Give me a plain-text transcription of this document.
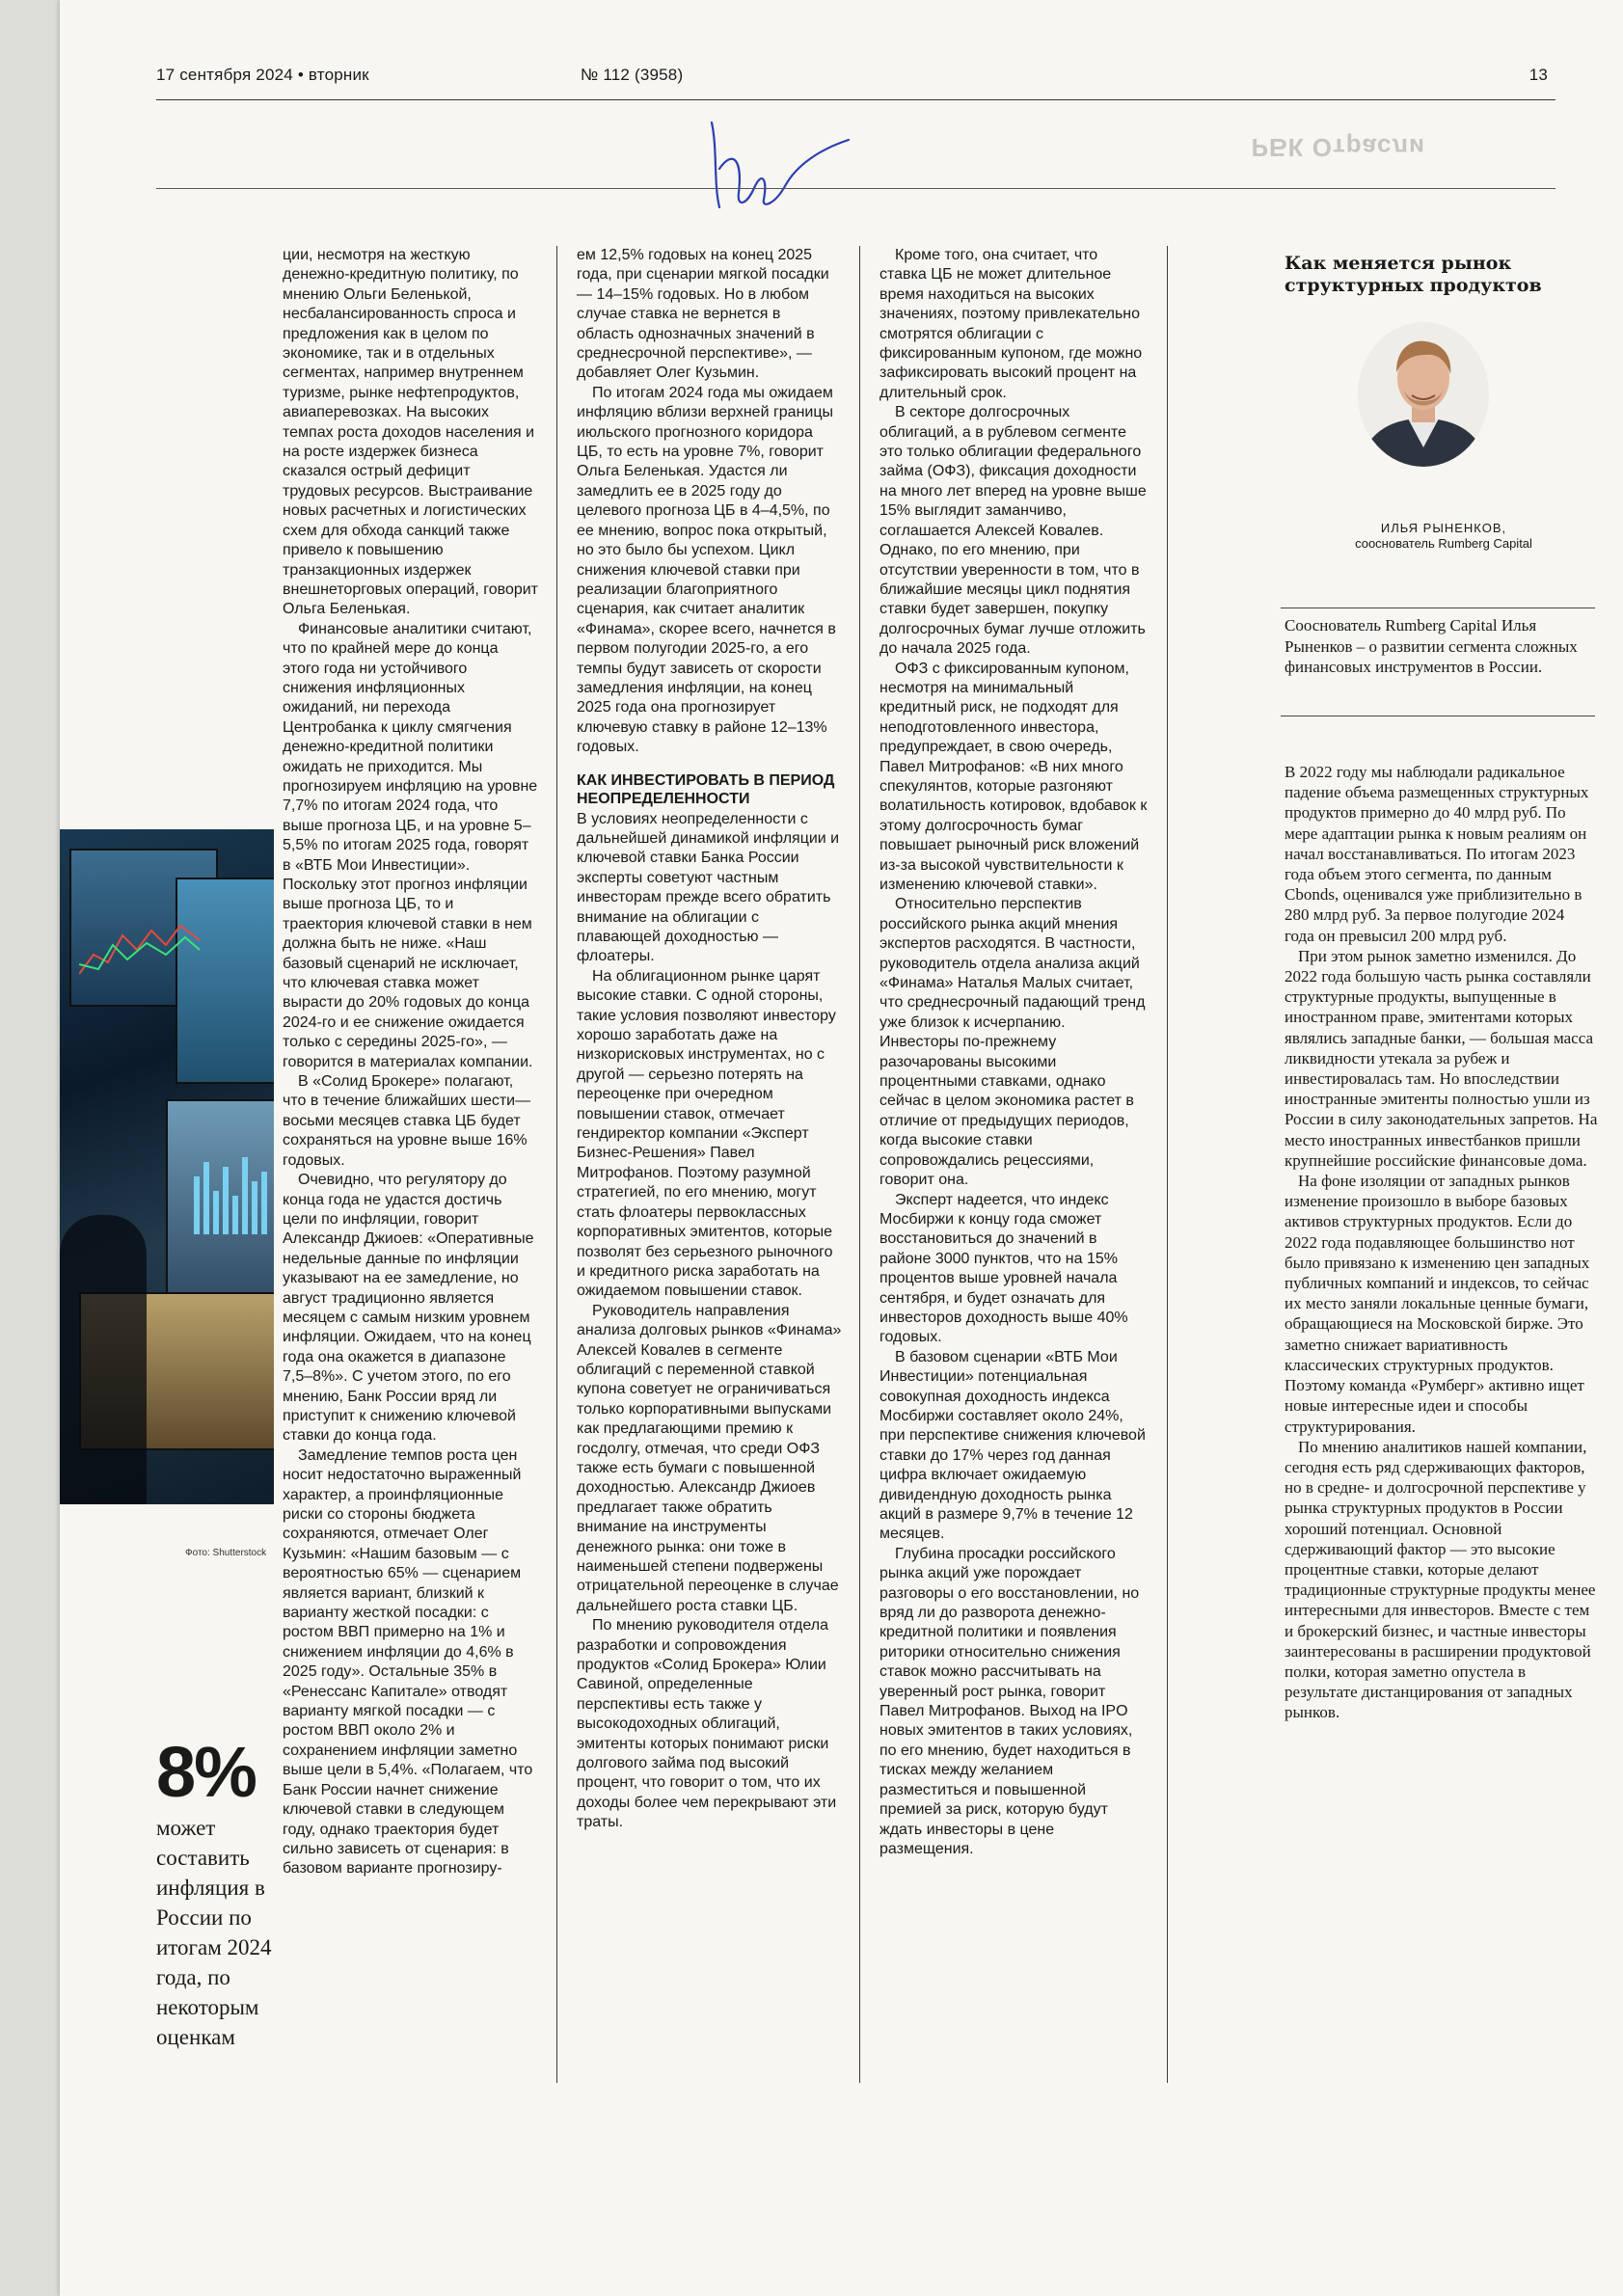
17 сентября 2024 • вторник	№ 112 (3958)	13
РБК Отрасли
Фото: Shutterstock
8%
может составить инфляция в России по итогам 2024 года, по некоторым оценкам

ции, несмотря на жесткую денежно-кредитную политику, по мнению Ольги Беленькой, несбалансированность спроса и предложения как в целом по экономике, так и в отдельных сегментах, например внутреннем туризме, рынке нефтепродуктов, авиаперевозках. На высоких темпах роста доходов населения и на росте издержек бизнеса сказался острый дефицит трудовых ресурсов. Выстраивание новых расчетных и логистических схем для обхода санкций также привело к повышению транзакционных издержек внешнеторговых операций, говорит Ольга Беленькая.

Финансовые аналитики считают, что по крайней мере до конца этого года ни устойчивого снижения инфляционных ожиданий, ни перехода Центробанка к циклу смягчения денежно-кредитной политики ожидать не приходится. Мы прогнозируем инфляцию на уровне 7,7% по итогам 2024 года, что выше прогноза ЦБ, и на уровне 5–5,5% по итогам 2025 года, говорят в «ВТБ Мои Инвестиции». Поскольку этот прогноз инфляции выше прогноза ЦБ, то и траектория ключевой ставки в нем должна быть не ниже. «Наш базовый сценарий не исключает, что ключевая ставка может вырасти до 20% годовых до конца 2024-го и ее снижение ожидается только с середины 2025-го», — говорится в материалах компании.

В «Солид Брокере» полагают, что в течение ближайших шести—восьми месяцев ставка ЦБ будет сохраняться на уровне выше 16% годовых.

Очевидно, что регулятору до конца года не удастся достичь цели по инфляции, говорит Александр Джиоев: «Оперативные недельные данные по инфляции указывают на ее замедление, но август традиционно является месяцем с самым низким уровнем инфляции. Ожидаем, что на конец года она окажется в диапазоне 7,5–8%». С учетом этого, по его мнению, Банк России вряд ли приступит к снижению ключевой ставки до конца года.

Замедление темпов роста цен носит недостаточно выраженный характер, а проинфляционные риски со стороны бюджета сохраняются, отмечает Олег Кузьмин: «Нашим базовым — с вероятностью 65% — сценарием является вариант, близкий к варианту жесткой посадки: с ростом ВВП примерно на 1% и снижением инфляции до 4,6% в 2025 году». Остальные 35% в «Ренессанс Капитале» отводят варианту мягкой посадки — с ростом ВВП около 2% и сохранением инфляции заметно выше цели в 5,4%. «Полагаем, что Банк России начнет снижение ключевой ставки в следующем году, однако траектория будет сильно зависеть от сценария: в базовом варианте прогнозиру-

ем 12,5% годовых на конец 2025 года, при сценарии мягкой посадки — 14–15% годовых. Но в любом случае ставка не вернется в область однозначных значений в среднесрочной перспективе», — добавляет Олег Кузьмин.

По итогам 2024 года мы ожидаем инфляцию вблизи верхней границы июльского прогнозного коридора ЦБ, то есть на уровне 7%, говорит Ольга Беленькая. Удастся ли замедлить ее в 2025 году до целевого прогноза ЦБ в 4–4,5%, по ее мнению, вопрос пока открытый, но это было бы успехом. Цикл снижения ключевой ставки при реализации благоприятного сценария, как считает аналитик «Финама», скорее всего, начнется в первом полугодии 2025-го, а его темпы будут зависеть от скорости замедления инфляции, на конец 2025 года она прогнозирует ключевую ставку в районе 12–13% годовых.

КАК ИНВЕСТИРОВАТЬ В ПЕРИОД НЕОПРЕДЕЛЕННОСТИ

В условиях неопределенности с дальнейшей динамикой инфляции и ключевой ставки Банка России эксперты советуют частным инвесторам прежде всего обратить внимание на облигации с плавающей доходностью — флоатеры.

На облигационном рынке царят высокие ставки. С одной стороны, такие условия позволяют инвестору хорошо заработать даже на низкорисковых инструментах, но с другой — серьезно потерять на переоценке при очередном повышении ставок, отмечает гендиректор компании «Эксперт Бизнес-Решения» Павел Митрофанов. Поэтому разумной стратегией, по его мнению, могут стать флоатеры первоклассных корпоративных эмитентов, которые позволят без серьезного рыночного и кредитного риска заработать на ожидаемом повышении ставок.

Руководитель направления анализа долговых рынков «Финама» Алексей Ковалев в сегменте облигаций с переменной ставкой купона советует не ограничиваться только корпоративными выпусками как предлагающими премию к госдолгу, отмечая, что среди ОФЗ также есть бумаги с повышенной доходностью. Александр Джиоев предлагает также обратить внимание на инструменты денежного рынка: они тоже в наименьшей степени подвержены отрицательной переоценке в случае дальнейшего роста ставки ЦБ.

По мнению руководителя отдела разработки и сопровождения продуктов «Солид Брокера» Юлии Савиной, определенные перспективы есть также у высокодоходных облигаций, эмитенты которых понимают риски долгового займа под высокий процент, что говорит о том, что их доходы более чем перекрывают эти траты.

Кроме того, она считает, что ставка ЦБ не может длительное время находиться на высоких значениях, поэтому привлекательно смотрятся облигации с фиксированным купоном, где можно зафиксировать высокий процент на длительный срок.

В секторе долгосрочных облигаций, а в рублевом сегменте это только облигации федерального займа (ОФЗ), фиксация доходности на много лет вперед на уровне выше 15% выглядит заманчиво, соглашается Алексей Ковалев. Однако, по его мнению, при отсутствии уверенности в том, что в ближайшие месяцы цикл поднятия ставки будет завершен, покупку долгосрочных бумаг лучше отложить до начала 2025 года.

ОФЗ с фиксированным купоном, несмотря на минимальный кредитный риск, не подходят для неподготовленного инвестора, предупреждает, в свою очередь, Павел Митрофанов: «В них много спекулянтов, которые разгоняют волатильность котировок, вдобавок к этому долгосрочность бумаг повышает рыночный риск вложений из-за высокой чувствительности к изменению ключевой ставки».

Относительно перспектив российского рынка акций мнения экспертов расходятся. В частности, руководитель отдела анализа акций «Финама» Наталья Малых считает, что среднесрочный падающий тренд уже близок к исчерпанию. Инвесторы по-прежнему разочарованы высокими процентными ставками, однако сейчас в целом экономика растет в отличие от предыдущих периодов, когда высокие ставки сопровождались рецессиями, говорит она.

Эксперт надеется, что индекс Мосбиржи к концу года сможет восстановиться до значений в районе 3000 пунктов, что на 15% процентов выше уровней начала сентября, и будет означать для инвесторов доходность выше 40% годовых.

В базовом сценарии «ВТБ Мои Инвестиции» потенциальная совокупная доходность индекса Мосбиржи составляет около 24%, при перспективе снижения ключевой ставки до 17% через год данная цифра включает ожидаемую дивидендную доходность рынка акций в размере 9,7% в течение 12 месяцев.

Глубина просадки российского рынка акций уже порождает разговоры о его восстановлении, но вряд ли до разворота денежно-кредитной политики и появления риторики относительно снижения ставок можно рассчитывать на уверенный рост рынка, говорит Павел Митрофанов. Выход на IPO новых эмитентов в таких условиях, по его мнению, будет находиться в тисках между желанием разместиться и повышенной премией за риск, которую будут ждать инвесторы в цене размещения.

Как меняется рынок структурных продуктов
ИЛЬЯ РЫНЕНКОВ,
сооснователь Rumberg Capital
Сооснователь Rumberg Capital Илья Рыненков – о развитии сегмента сложных финансовых инструментов в России.

В 2022 году мы наблюдали радикальное падение объема размещенных структурных продуктов примерно до 40 млрд руб. По мере адаптации рынка к новым реалиям он начал восстанавливаться. По итогам 2023 года объем этого сегмента, по данным Cbonds, оценивался уже приблизительно в 280 млрд руб. За первое полугодие 2024 года он превысил 200 млрд руб.

При этом рынок заметно изменился. До 2022 года большую часть рынка составляли структурные продукты, выпущенные в иностранном праве, эмитентами которых являлись западные банки, — большая масса ликвидности утекала за рубеж и инвестировалась там. Но впоследствии иностранные эмитенты полностью ушли из России в силу законодательных запретов. На место иностранных инвестбанков пришли крупнейшие российские финансовые дома.

На фоне изоляции от западных рынков изменение произошло в выборе базовых активов структурных продуктов. Если до 2022 года подавляющее большинство нот было привязано к изменению цен западных публичных компаний и индексов, то сейчас их место заняли локальные ценные бумаги, обращающиеся на Московской бирже. Это заметно снижает вариативность классических структурных продуктов. Поэтому команда «Румберг» активно ищет новые интересные идеи и способы структурирования.

По мнению аналитиков нашей компании, сегодня есть ряд сдерживающих факторов, но в средне- и долгосрочной перспективе у рынка структурных продуктов в России хороший потенциал. Основной сдерживающий фактор — это высокие процентные ставки, которые делают традиционные структурные продукты менее интересными для инвесторов. Вместе с тем и брокерский бизнес, и частные инвесторы заинтересованы в расширении продуктовой полки, которая заметно опустела в результате дистанцирования от западных рынков.
